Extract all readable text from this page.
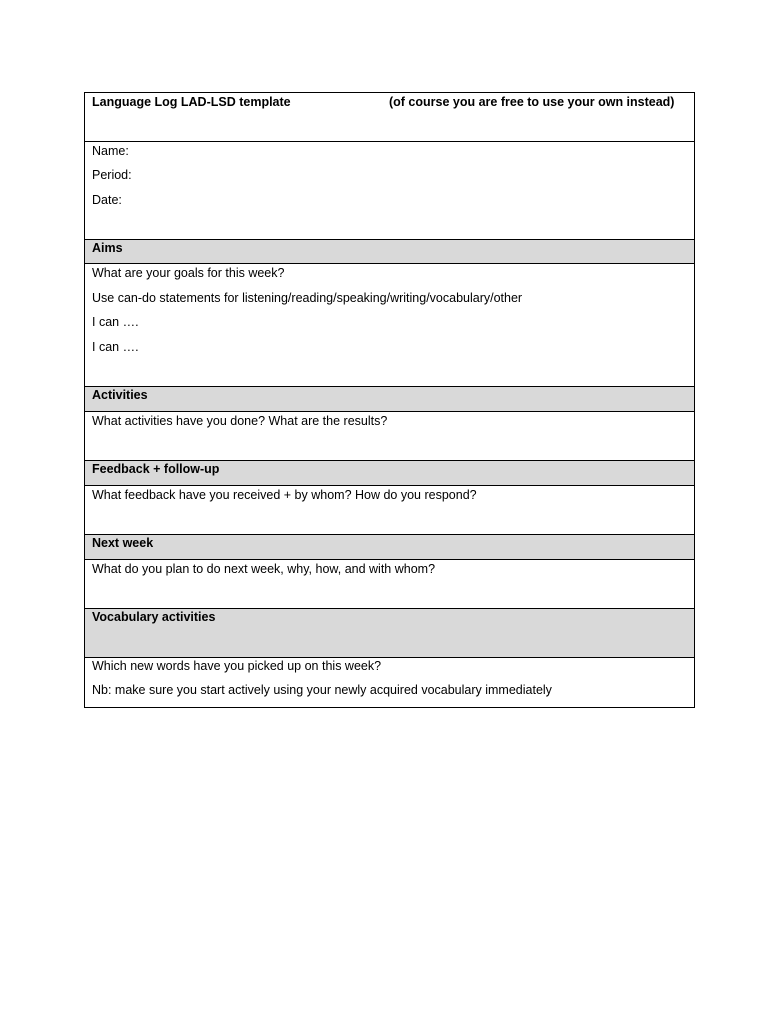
Language Log LAD-LSD template	(of course you are free to use your own instead)
Name:
Period:
Date:
Aims
What are your goals for this week?
Use can-do statements for listening/reading/speaking/writing/vocabulary/other
I can ….
I can ….
Activities
What activities have you done? What are the results?
Feedback + follow-up
What feedback have you received + by whom? How do you respond?
Next week
What do you plan to do next week, why, how, and with whom?
Vocabulary activities
Which new words have you picked up on this week?
Nb: make sure you start actively using your newly acquired vocabulary immediately
